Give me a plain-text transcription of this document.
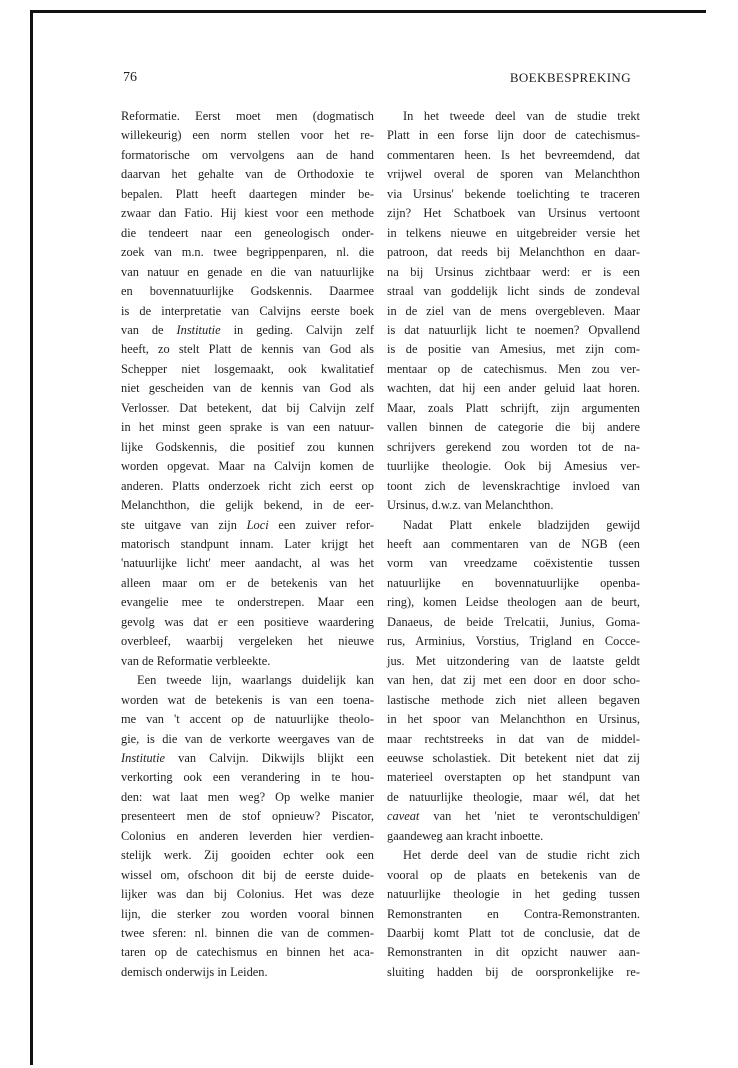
76	BOEKBESPREKING
Reformatie. Eerst moet men (dogmatisch
willekeurig) een norm stellen voor het re-
formatorische om vervolgens aan de hand
daarvan het gehalte van de Orthodoxie te
bepalen. Platt heeft daartegen minder be-
zwaar dan Fatio. Hij kiest voor een methode
die tendeert naar een geneologisch onder-
zoek van m.n. twee begrippenparen, nl. die
van natuur en genade en die van natuurlijke
en bovennatuurlijke Godskennis. Daarmee
is de interpretatie van Calvijns eerste boek
van de Institutie in geding. Calvijn zelf
heeft, zo stelt Platt de kennis van God als
Schepper niet losgemaakt, ook kwalitatief
niet gescheiden van de kennis van God als
Verlosser. Dat betekent, dat bij Calvijn zelf
in het minst geen sprake is van een natuur-
lijke Godskennis, die positief zou kunnen
worden opgevat. Maar na Calvijn komen de
anderen. Platts onderzoek richt zich eerst op
Melanchthon, die gelijk bekend, in de eer-
ste uitgave van zijn Loci een zuiver refor-
matorisch standpunt innam. Later krijgt het
'natuurlijke licht' meer aandacht, al was het
alleen maar om er de betekenis van het
evangelie mee te onderstrepen. Maar een
gevolg was dat er een positieve waardering
overbleef, waarbij vergeleken het nieuwe
van de Reformatie verbleekte.
Een tweede lijn, waarlangs duidelijk kan
worden wat de betekenis is van een toena-
me van 't accent op de natuurlijke theolo-
gie, is die van de verkorte weergaves van de
Institutie van Calvijn. Dikwijls blijkt een
verkorting ook een verandering in te hou-
den: wat laat men weg? Op welke manier
presenteert men de stof opnieuw? Piscator,
Colonius en anderen leverden hier verdien-
stelijk werk. Zij gooiden echter ook een
wissel om, ofschoon dit bij de eerste duide-
lijker was dan bij Colonius. Het was deze
lijn, die sterker zou worden vooral binnen
twee sferen: nl. binnen die van de commen-
taren op de catechismus en binnen het aca-
demisch onderwijs in Leiden.
In het tweede deel van de studie trekt
Platt in een forse lijn door de catechismus-
commentaren heen. Is het bevreemdend, dat
vrijwel overal de sporen van Melanchthon
via Ursinus' bekende toelichting te traceren
zijn? Het Schatboek van Ursinus vertoont
in telkens nieuwe en uitgebreider versie het
patroon, dat reeds bij Melanchthon en daar-
na bij Ursinus zichtbaar werd: er is een
straal van goddelijk licht sinds de zondeval
in de ziel van de mens overgebleven. Maar
is dat natuurlijk licht te noemen? Opvallend
is de positie van Amesius, met zijn com-
mentaar op de catechismus. Men zou ver-
wachten, dat hij een ander geluid laat horen.
Maar, zoals Platt schrijft, zijn argumenten
vallen binnen de categorie die bij andere
schrijvers gerekend zou worden tot de na-
tuurlijke theologie. Ook bij Amesius ver-
toont zich de levenskrachtige invloed van
Ursinus, d.w.z. van Melanchthon.
Nadat Platt enkele bladzijden gewijd
heeft aan commentaren van de NGB (een
vorm van vreedzame coëxistentie tussen
natuurlijke en bovennatuurlijke openba-
ring), komen Leidse theologen aan de beurt,
Danaeus, de beide Trelcatii, Junius, Goma-
rus, Arminius, Vorstius, Trigland en Cocce-
jus. Met uitzondering van de laatste geldt
van hen, dat zij met een door en door scho-
lastische methode zich niet alleen begaven
in het spoor van Melanchthon en Ursinus,
maar rechtstreeks in dat van de middel-
eeuwse scholastiek. Dit betekent niet dat zij
materieel overstapten op het standpunt van
de natuurlijke theologie, maar wél, dat het
caveat van het 'niet te verontschuldigen'
gaandeweg aan kracht inboette.
Het derde deel van de studie richt zich
vooral op de plaats en betekenis van de
natuurlijke theologie in het geding tussen
Remonstranten en Contra-Remonstranten.
Daarbij komt Platt tot de conclusie, dat de
Remonstranten in dit opzicht nauwer aan-
sluiting hadden bij de oorspronkelijke re-
